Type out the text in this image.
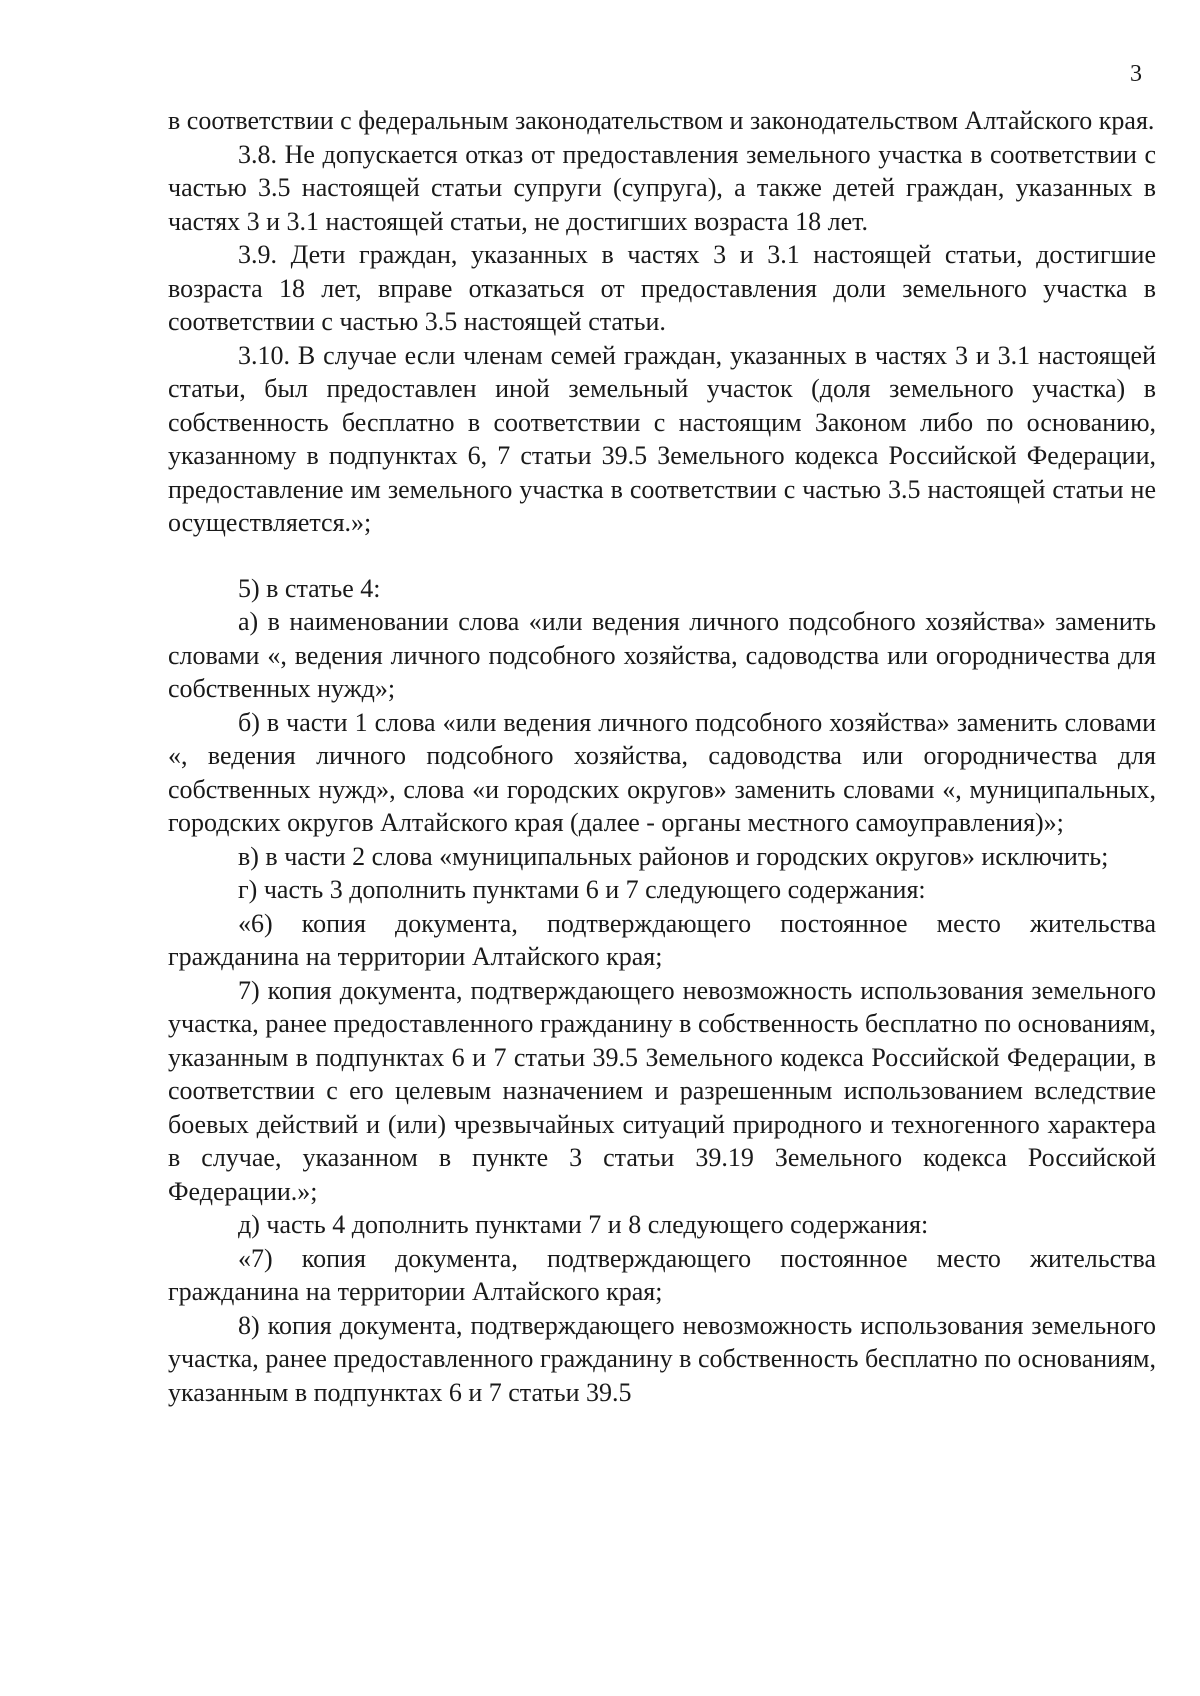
3

в соответствии с федеральным законодательством и законодательством Алтайского края.

3.8. Не допускается отказ от предоставления земельного участка в соответствии с частью 3.5 настоящей статьи супруги (супруга), а также детей граждан, указанных в частях 3 и 3.1 настоящей статьи, не достигших возраста 18 лет.

3.9. Дети граждан, указанных в частях 3 и 3.1 настоящей статьи, достигшие возраста 18 лет, вправе отказаться от предоставления доли земельного участка в соответствии с частью 3.5 настоящей статьи.

3.10. В случае если членам семей граждан, указанных в частях 3 и 3.1 настоящей статьи, был предоставлен иной земельный участок (доля земельного участка) в собственность бесплатно в соответствии с настоящим Законом либо по основанию, указанному в подпунктах 6, 7 статьи 39.5 Земельного кодекса Российской Федерации, предоставление им земельного участка в соответствии с частью 3.5 настоящей статьи не осуществляется.»;

5) в статье 4:

а) в наименовании слова «или ведения личного подсобного хозяйства» заменить словами «, ведения личного подсобного хозяйства, садоводства или огородничества для собственных нужд»;

б) в части 1 слова «или ведения личного подсобного хозяйства» заменить словами «, ведения личного подсобного хозяйства, садоводства или огородничества для собственных нужд», слова «и городских округов» заменить словами «, муниципальных, городских округов Алтайского края (далее - органы местного самоуправления)»;

в) в части 2 слова «муниципальных районов и городских округов» исключить;

г) часть 3 дополнить пунктами 6 и 7 следующего содержания:

«6) копия документа, подтверждающего постоянное место жительства гражданина на территории Алтайского края;

7) копия документа, подтверждающего невозможность использования земельного участка, ранее предоставленного гражданину в собственность бесплатно по основаниям, указанным в подпунктах 6 и 7 статьи 39.5 Земельного кодекса Российской Федерации, в соответствии с его целевым назначением и разрешенным использованием вследствие боевых действий и (или) чрезвычайных ситуаций природного и техногенного характера в случае, указанном в пункте 3 статьи 39.19 Земельного кодекса Российской Федерации.»;

д) часть 4 дополнить пунктами 7 и 8 следующего содержания:

«7) копия документа, подтверждающего постоянное место жительства гражданина на территории Алтайского края;

8) копия документа, подтверждающего невозможность использования земельного участка, ранее предоставленного гражданину в собственность бесплатно по основаниям, указанным в подпунктах 6 и 7 статьи 39.5
